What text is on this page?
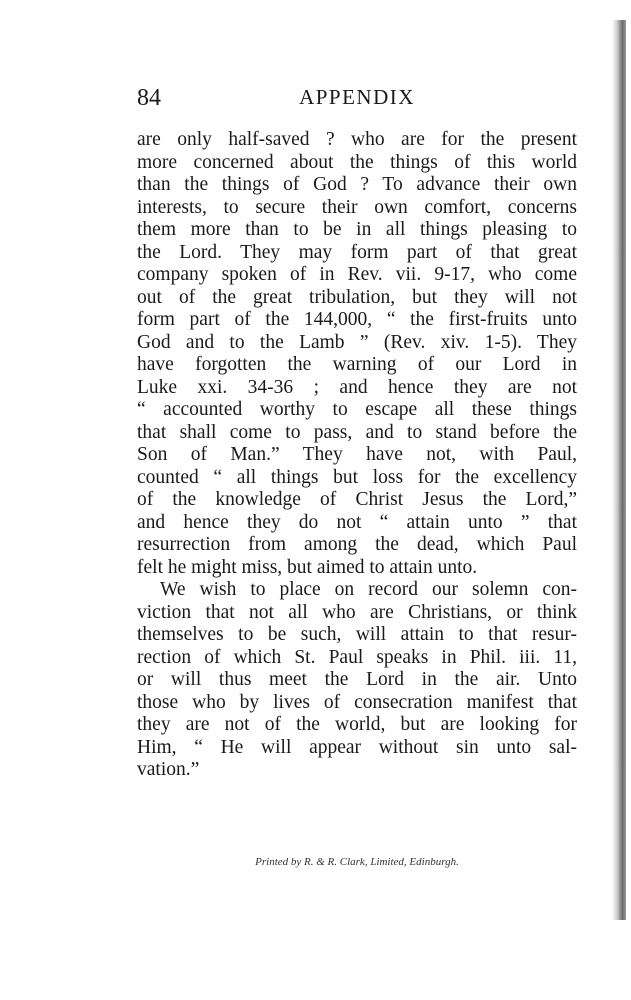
84	APPENDIX
are only half-saved ? who are for the present
more concerned about the things of this world
than the things of God ? To advance their own
interests, to secure their own comfort, concerns
them more than to be in all things pleasing to
the Lord. They may form part of that great
company spoken of in Rev. vii. 9-17, who come
out of the great tribulation, but they will not
form part of the 144,000, “ the first-fruits unto
God and to the Lamb ” (Rev. xiv. 1-5). They
have forgotten the warning of our Lord in
Luke xxi. 34-36 ; and hence they are not
“ accounted worthy to escape all these things
that shall come to pass, and to stand before the
Son of Man.” They have not, with Paul,
counted “ all things but loss for the excellency
of the knowledge of Christ Jesus the Lord,”
and hence they do not “ attain unto ” that
resurrection from among the dead, which Paul
felt he might miss, but aimed to attain unto.
We wish to place on record our solemn con-
viction that not all who are Christians, or think
themselves to be such, will attain to that resur-
rection of which St. Paul speaks in Phil. iii. 11,
or will thus meet the Lord in the air. Unto
those who by lives of consecration manifest that
they are not of the world, but are looking for
Him, “ He will appear without sin unto sal-
vation.”
Printed by R. & R. Clark, Limited, Edinburgh.
